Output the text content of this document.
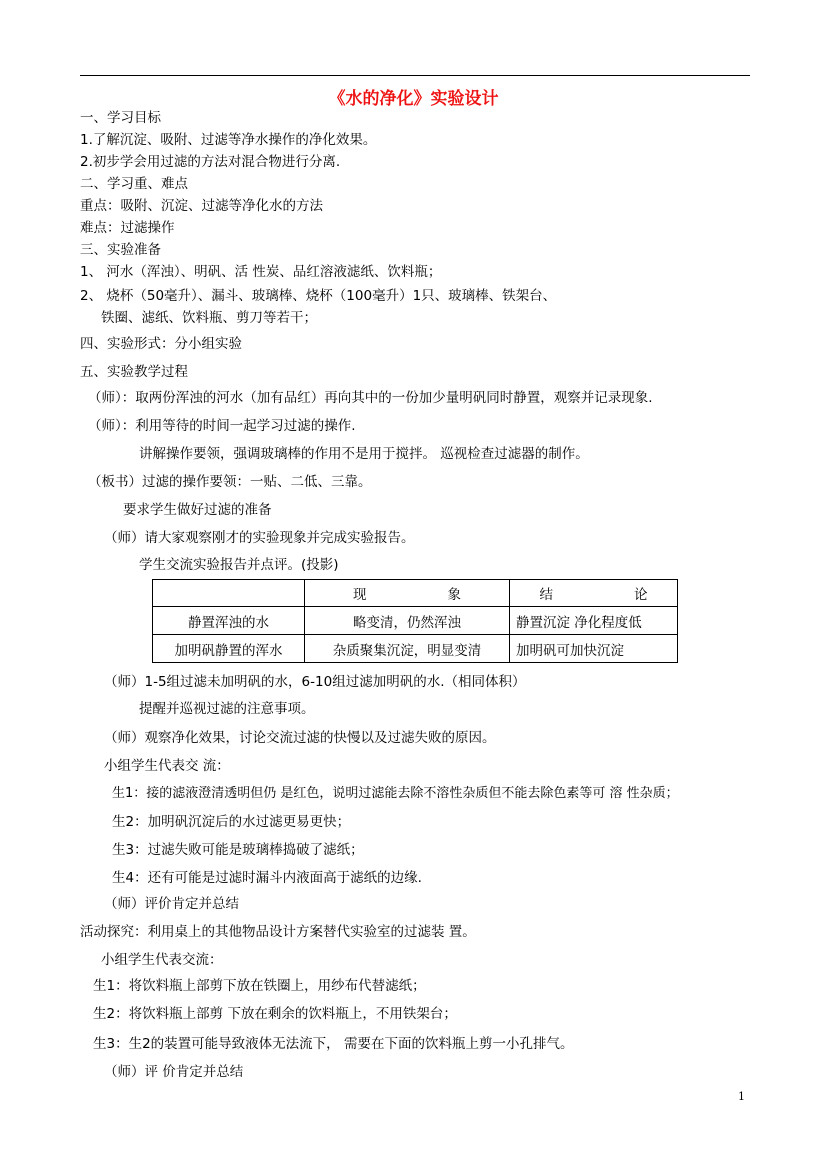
《水的净化》实验设计
一、学习目标
1.了解沉淀、吸附、过滤等净水操作的净化效果。
2.初步学会用过滤的方法对混合物进行分离.
二、学习重、难点
重点：吸附、沉淀、过滤等净化水的方法
难点：过滤操作
三、实验准备
1、 河水（浑浊）、明矾、活 性炭、品红溶液滤纸、饮料瓶；
2、 烧杯（50毫升）、漏斗、玻璃棒、烧杯（100毫升）1只、玻璃棒、铁架台、
铁圈、滤纸、饮料瓶、剪刀等若干；
四、实验形式：分小组实验
五、实验教学过程
（师）：取两份浑浊的河水（加有品红）再向其中的一份加少量明矾同时静置，观察并记录现象.
（师）：利用等待的时间一起学习过滤的操作.
讲解操作要领，强调玻璃棒的作用不是用于搅拌。 巡视检查过滤器的制作。
（板书）过滤的操作要领：一贴、二低、三靠。
要求学生做好过滤的准备
（师）请大家观察刚才的实验现象并完成实验报告。
学生交流实验报告并点评。(投影)
	现　　　　　　象	结　　　　　　论
静置浑浊的水	略变清，仍然浑浊	静置沉淀 净化程度低
加明矾静置的浑水	杂质聚集沉淀，明显变清	加明矾可加快沉淀
（师）1-5组过滤未加明矾的水，6-10组过滤加明矾的水.（相同体积）
提醒并巡视过滤的注意事项。
（师）观察净化效果，讨论交流过滤的快慢以及过滤失败的原因。
小组学生代表交 流：
生1：接的滤液澄清透明但仍 是红色，说明过滤能去除不溶性杂质但不能去除色素等可 溶 性杂质；
生2：加明矾沉淀后的水过滤更易更快；
生3：过滤失败可能是玻璃棒捣破了滤纸；
生4：还有可能是过滤时漏斗内液面高于滤纸的边缘.
（师）评价肯定并总结
活动探究：利用桌上的其他物品设计方案替代实验室的过滤装 置。
小组学生代表交流：
生1：将饮料瓶上部剪下放在铁圈上，用纱布代替滤纸；
生2：将饮料瓶上部剪 下放在剩余的饮料瓶上，不用铁架台；
生3：生2的装置可能导致液体无法流下， 需要在下面的饮料瓶上剪一小孔排气。
（师）评 价肯定并总结
1
